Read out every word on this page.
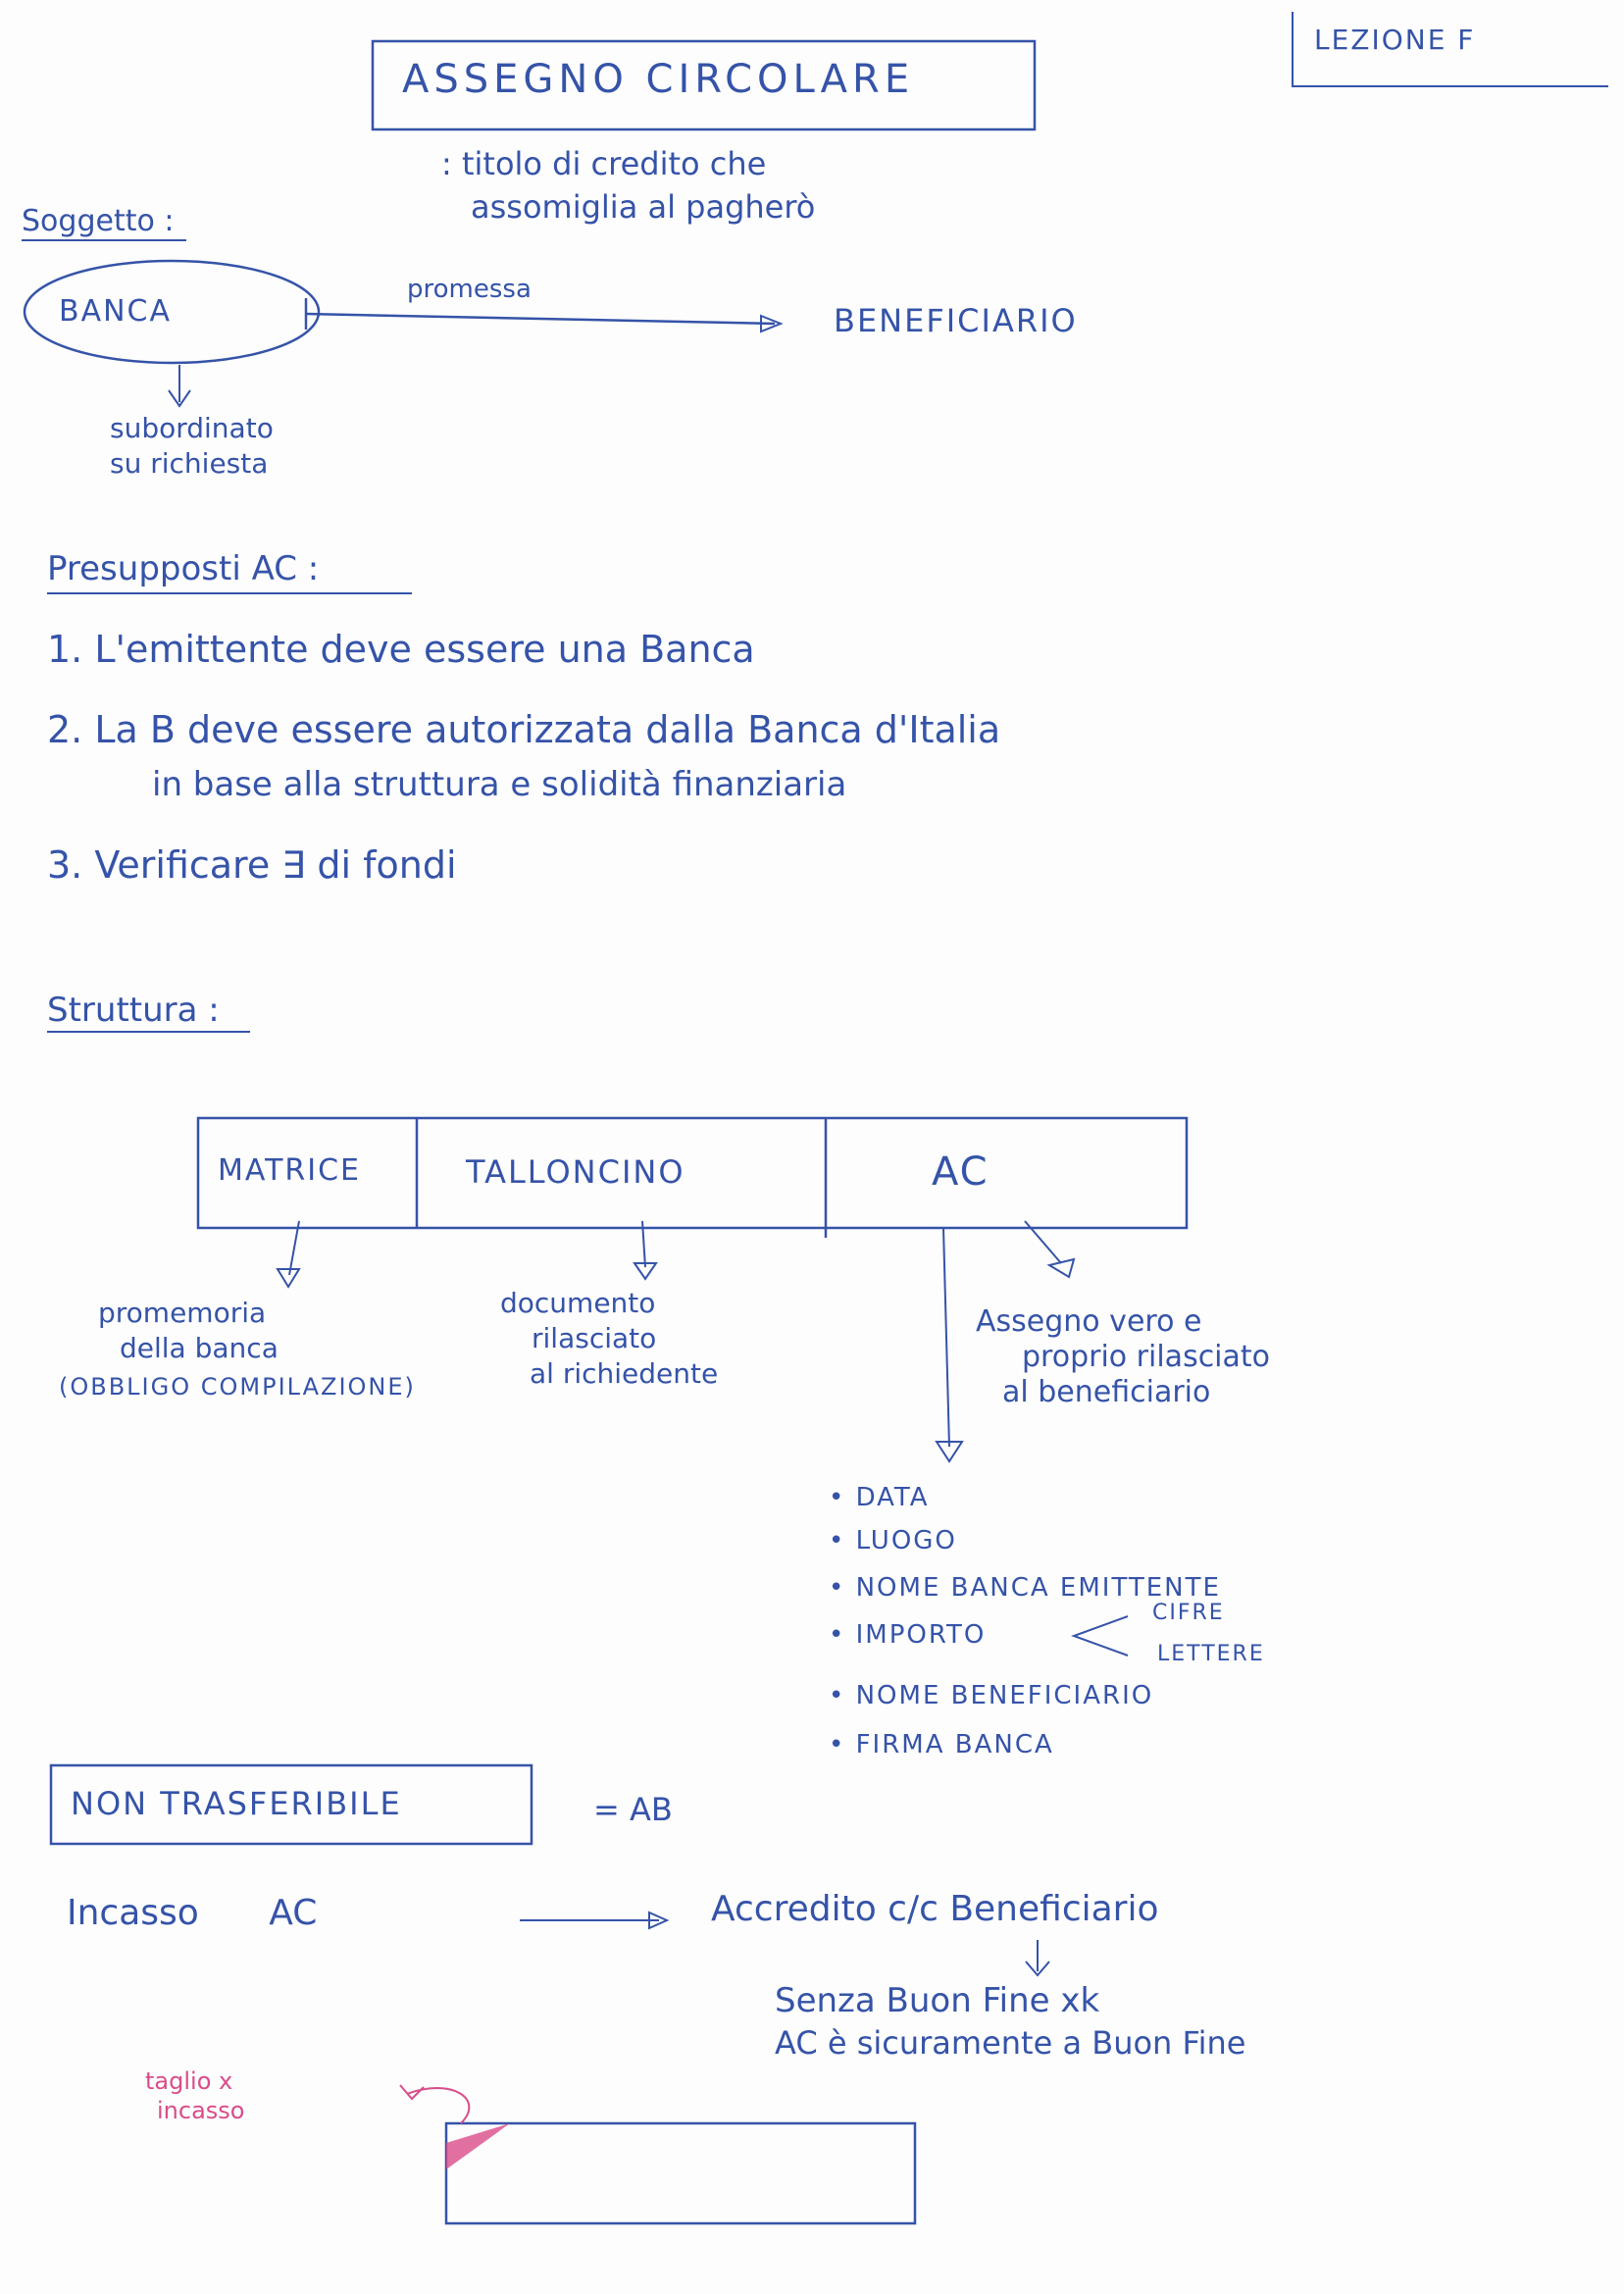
LEZIONE F
ASSEGNO CIRCOLARE
: titolo di credito che
assomiglia al pagherò
Soggetto :
BANCA
promessa
BENEFICIARIO
subordinato
su richiesta
Presupposti AC :
1. L'emittente deve essere una Banca
2. La B deve essere autorizzata dalla Banca d'Italia
in base alla struttura e solidità finanziaria
3. Verificare ∃ di fondi
Struttura :
MATRICE	TALLONCINO	AC
promemoria
della banca
(OBBLIGO COMPILAZIONE)
documento
rilasciato
al richiedente
Assegno vero e
proprio rilasciato
al beneficiario
• DATA
• LUOGO
• NOME BANCA EMITTENTE
• IMPORTO
CIFRE
LETTERE
• NOME BENEFICIARIO
• FIRMA BANCA
NON TRASFERIBILE	= AB
Incasso AC	Accredito c/c Beneficiario
Senza Buon Fine xk
AC è sicuramente a Buon Fine
taglio x
incasso
